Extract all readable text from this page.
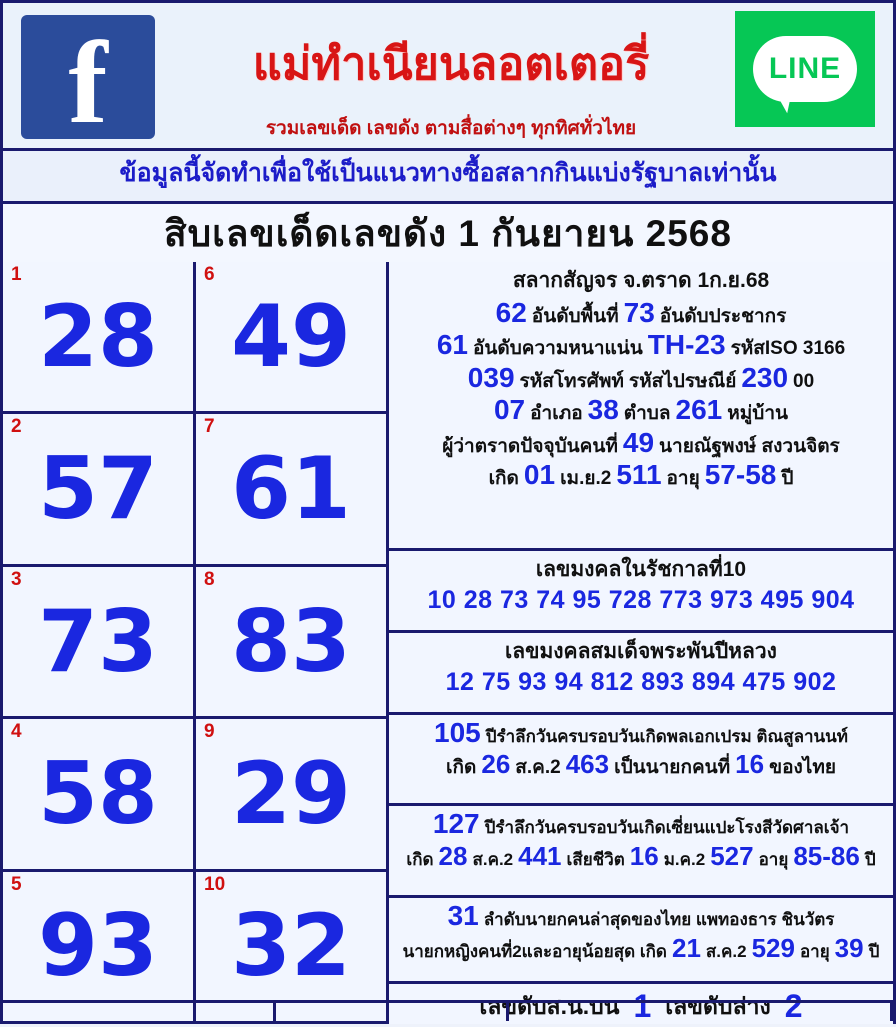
f	LINE
แม่ทำเนียนลอตเตอรี่
รวมเลขเด็ด เลขดัง ตามสื่อต่างๆ ทุกทิศทั่วไทย
ข้อมูลนี้จัดทำเพื่อใช้เป็นแนวทางซื้อสลากกินแบ่งรัฐบาลเท่านั้น
สิบเลขเด็ดเลขดัง 1 กันยายน 2568
1
28
2
57
3
73
4
58
5
93
6
49
7
61
8
83
9
29
10
32
สลากสัญจร จ.ตราด 1ก.ย.68
62 อันดับพื้นที่ 73 อันดับประชากร
61 อันดับความหนาแน่น TH-23 รหัสISO 3166
039 รหัสโทรศัพท์ รหัสไปรษณีย์ 230 00
07 อำเภอ 38 ตำบล 261 หมู่บ้าน
ผู้ว่าตราดปัจจุบันคนที่ 49 นายณัฐพงษ์ สงวนจิตร
เกิด 01 เม.ย.2 511 อายุ 57-58 ปี
เลขมงคลในรัชกาลที่10
10 28 73 74 95 728 773 973 495 904
เลขมงคลสมเด็จพระพันปีหลวง
12 75 93 94 812 893 894 475 902
105 ปีรำลึกวันครบรอบวันเกิดพลเอกเปรม ติณสูลานนท์
เกิด 26 ส.ค.2 463 เป็นนายกคนที่ 16 ของไทย
127 ปีรำลึกวันครบรอบวันเกิดเซี่ยนแปะโรงสีวัดศาลเจ้า
เกิด 28 ส.ค.2 441 เสียชีวิต 16 ม.ค.2 527 อายุ 85-86 ปี
31 ลำดับนายกคนล่าสุดของไทย แพทองธาร ชินวัตร
นายกหญิงคนที่2และอายุน้อยสุด เกิด 21 ส.ค.2 529 อายุ 39 ปี
เลขดับส.น.บน 1 เลขดับล่าง 2
